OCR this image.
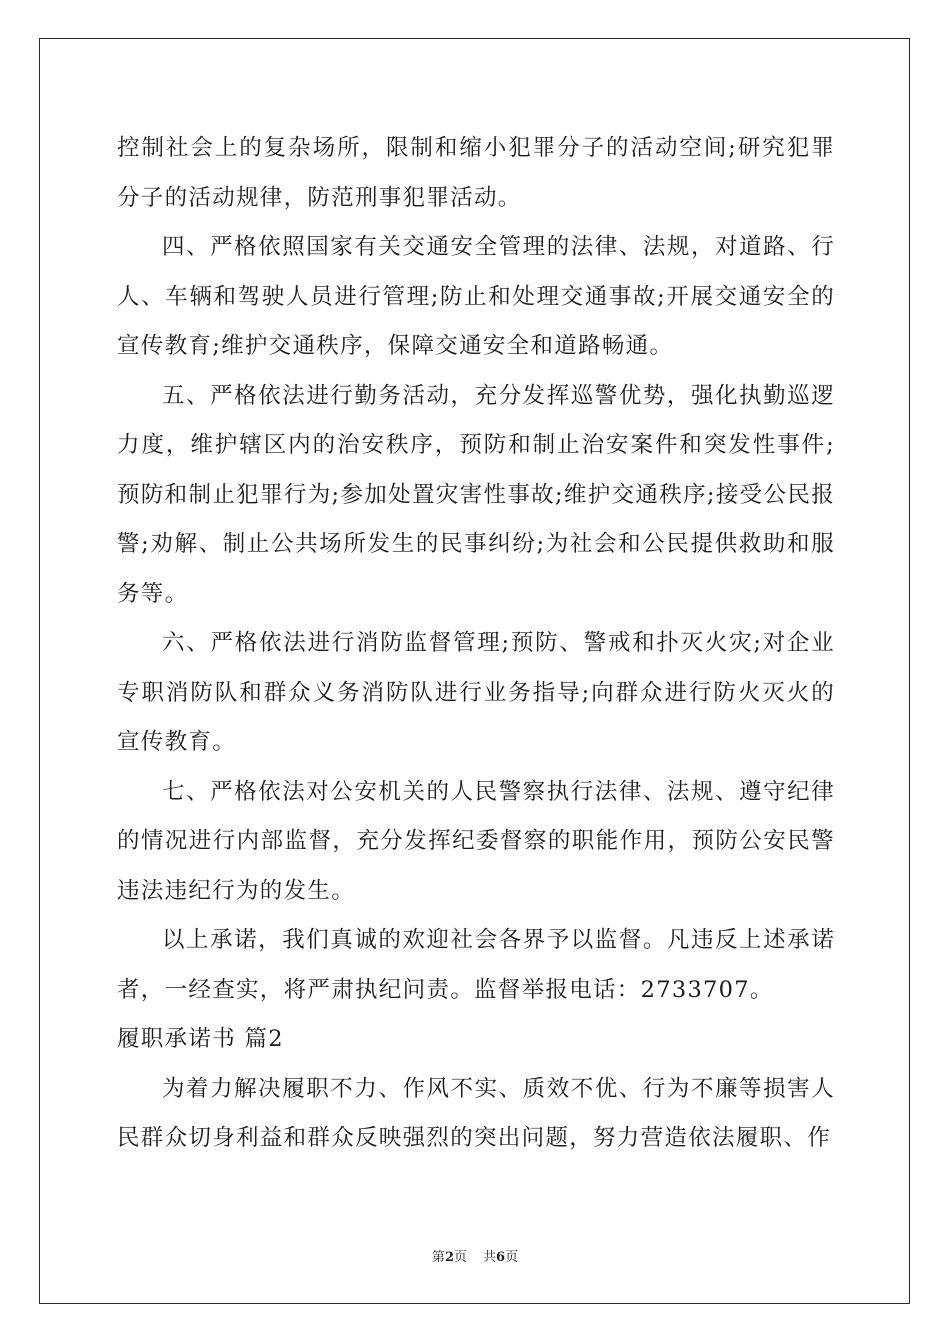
控制社会上的复杂场所，限制和缩小犯罪分子的活动空间;研究犯罪分子的活动规律，防范刑事犯罪活动。

四、严格依照国家有关交通安全管理的法律、法规，对道路、行人、车辆和驾驶人员进行管理;防止和处理交通事故;开展交通安全的宣传教育;维护交通秩序，保障交通安全和道路畅通。

五、严格依法进行勤务活动，充分发挥巡警优势，强化执勤巡逻力度，维护辖区内的治安秩序，预防和制止治安案件和突发性事件;预防和制止犯罪行为;参加处置灾害性事故;维护交通秩序;接受公民报警;劝解、制止公共场所发生的民事纠纷;为社会和公民提供救助和服务等。

六、严格依法进行消防监督管理;预防、警戒和扑灭火灾;对企业专职消防队和群众义务消防队进行业务指导;向群众进行防火灭火的宣传教育。

七、严格依法对公安机关的人民警察执行法律、法规、遵守纪律的情况进行内部监督，充分发挥纪委督察的职能作用，预防公安民警违法违纪行为的发生。

以上承诺，我们真诚的欢迎社会各界予以监督。凡违反上述承诺者，一经查实，将严肃执纪问责。监督举报电话：2733707。

履职承诺书 篇2

为着力解决履职不力、作风不实、质效不优、行为不廉等损害人民群众切身利益和群众反映强烈的突出问题，努力营造依法履职、作

第2页 共6页
